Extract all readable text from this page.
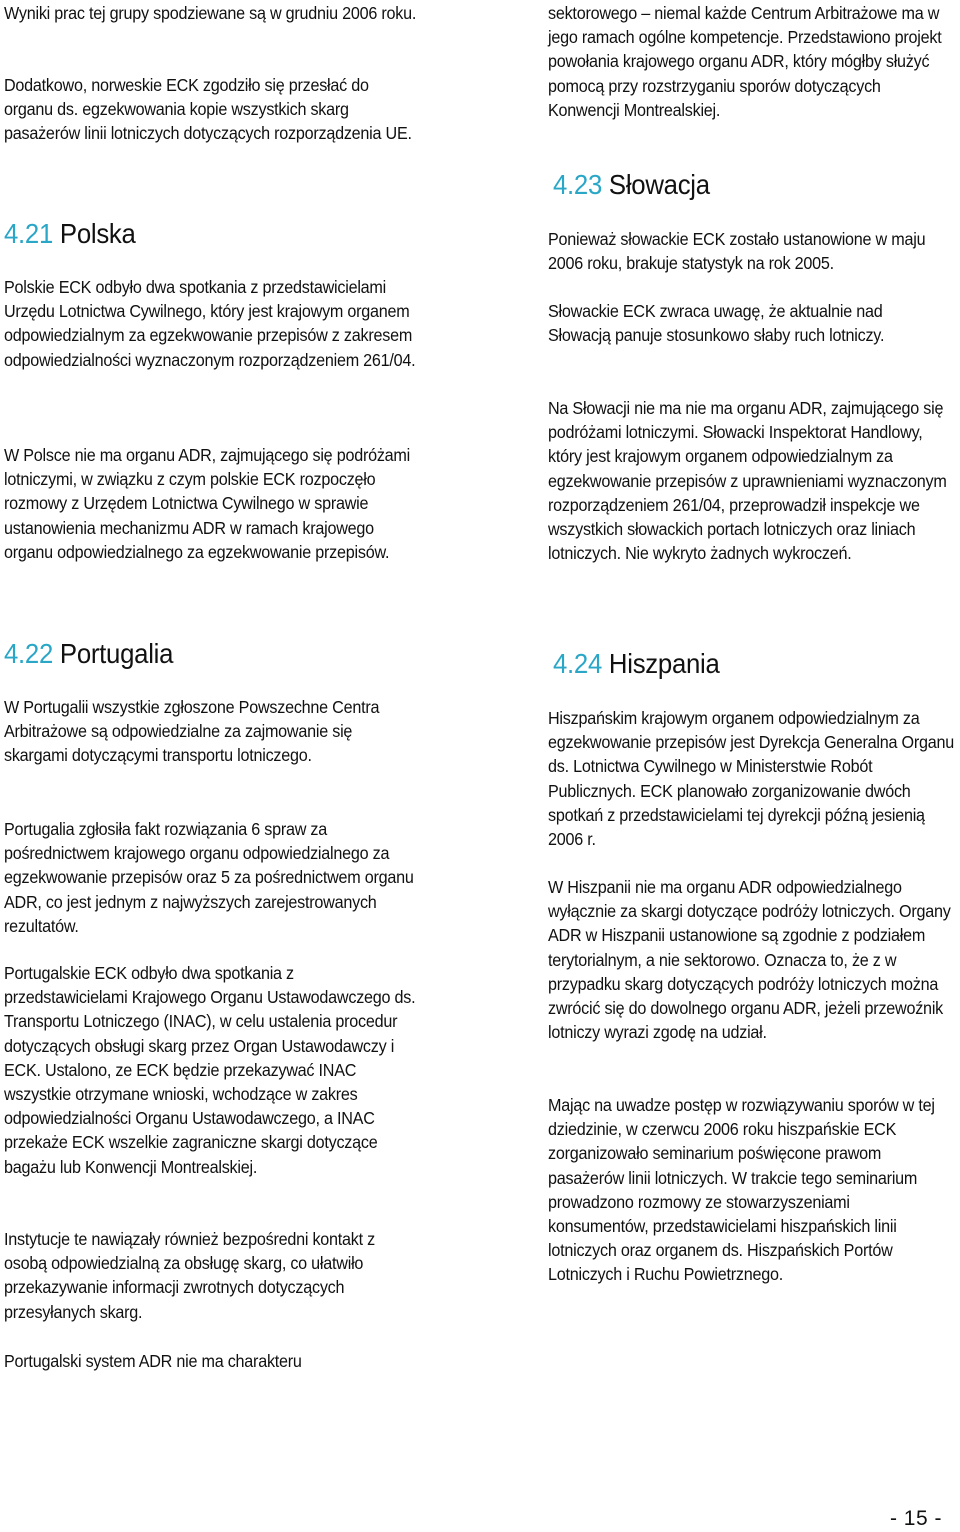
Wyniki prac tej grupy spodziewane są w grudniu 2006 roku.

Dodatkowo, norweskie ECK zgodziło się przesłać do organu ds. egzekwowania kopie wszystkich skarg pasażerów linii lotniczych dotyczących rozporządzenia UE.

4.21 Polska

Polskie ECK odbyło dwa spotkania z przedstawicielami Urzędu Lotnictwa Cywilnego, który jest krajowym organem odpowiedzialnym za egzekwowanie przepisów z zakresem odpowiedzialności wyznaczonym rozporządzeniem 261/04.

W Polsce nie ma organu ADR, zajmującego się podróżami lotniczymi, w związku z czym polskie ECK rozpoczęło rozmowy z Urzędem Lotnictwa Cywilnego w sprawie ustanowienia mechanizmu ADR w ramach krajowego organu odpowiedzialnego za egzekwowanie przepisów.

4.22 Portugalia

W Portugalii wszystkie zgłoszone Powszechne Centra Arbitrażowe są odpowiedzialne za zajmowanie się skargami dotyczącymi transportu lotniczego.

Portugalia zgłosiła fakt rozwiązania 6 spraw za pośrednictwem krajowego organu odpowiedzialnego za egzekwowanie przepisów oraz 5 za pośrednictwem organu ADR, co jest jednym z najwyższych zarejestrowanych rezultatów.

Portugalskie ECK odbyło dwa spotkania z przedstawicielami Krajowego Organu Ustawodawczego ds. Transportu Lotniczego (INAC), w celu ustalenia procedur dotyczących obsługi skarg przez Organ Ustawodawczy i ECK. Ustalono, ze ECK będzie przekazywać INAC wszystkie otrzymane wnioski, wchodzące w zakres odpowiedzialności Organu Ustawodawczego, a INAC przekaże ECK wszelkie zagraniczne skargi dotyczące bagażu lub Konwencji Montrealskiej.

Instytucje te nawiązały również bezpośredni kontakt z osobą odpowiedzialną za obsługę skarg, co ułatwiło przekazywanie informacji zwrotnych dotyczących przesyłanych skarg.

Portugalski system ADR nie ma charakteru

sektorowego – niemal każde Centrum Arbitrażowe ma w jego ramach ogólne kompetencje. Przedstawiono projekt powołania krajowego organu ADR, który mógłby służyć pomocą przy rozstrzyganiu sporów dotyczących Konwencji Montrealskiej.

4.23 Słowacja

Ponieważ słowackie ECK zostało ustanowione w maju 2006 roku, brakuje statystyk na rok 2005.

Słowackie ECK zwraca uwagę, że aktualnie nad Słowacją panuje stosunkowo słaby ruch lotniczy.

Na Słowacji nie ma nie ma organu ADR, zajmującego się podróżami lotniczymi. Słowacki Inspektorat Handlowy, który jest krajowym organem odpowiedzialnym za egzekwowanie przepisów z uprawnieniami wyznaczonym rozporządzeniem 261/04, przeprowadził inspekcje we wszystkich słowackich portach lotniczych oraz liniach lotniczych. Nie wykryto żadnych wykroczeń.

4.24 Hiszpania

Hiszpańskim krajowym organem odpowiedzialnym za egzekwowanie przepisów jest Dyrekcja Generalna Organu ds. Lotnictwa Cywilnego w Ministerstwie Robót Publicznych. ECK planowało zorganizowanie dwóch spotkań z przedstawicielami tej dyrekcji późną jesienią 2006 r.

W Hiszpanii nie ma organu ADR odpowiedzialnego wyłącznie za skargi dotyczące podróży lotniczych. Organy ADR w Hiszpanii ustanowione są zgodnie z podziałem terytorialnym, a nie sektorowo. Oznacza to, że z w przypadku skarg dotyczących podróży lotniczych można zwrócić się do dowolnego organu ADR, jeżeli przewoźnik lotniczy wyrazi zgodę na udział.

Mając na uwadze postęp w rozwiązywaniu sporów w tej dziedzinie, w czerwcu 2006 roku hiszpańskie ECK zorganizowało seminarium poświęcone prawom pasażerów linii lotniczych. W trakcie tego seminarium prowadzono rozmowy ze stowarzyszeniami konsumentów, przedstawicielami hiszpańskich linii lotniczych oraz organem ds. Hiszpańskich Portów Lotniczych i Ruchu Powietrznego.

- 15 -
